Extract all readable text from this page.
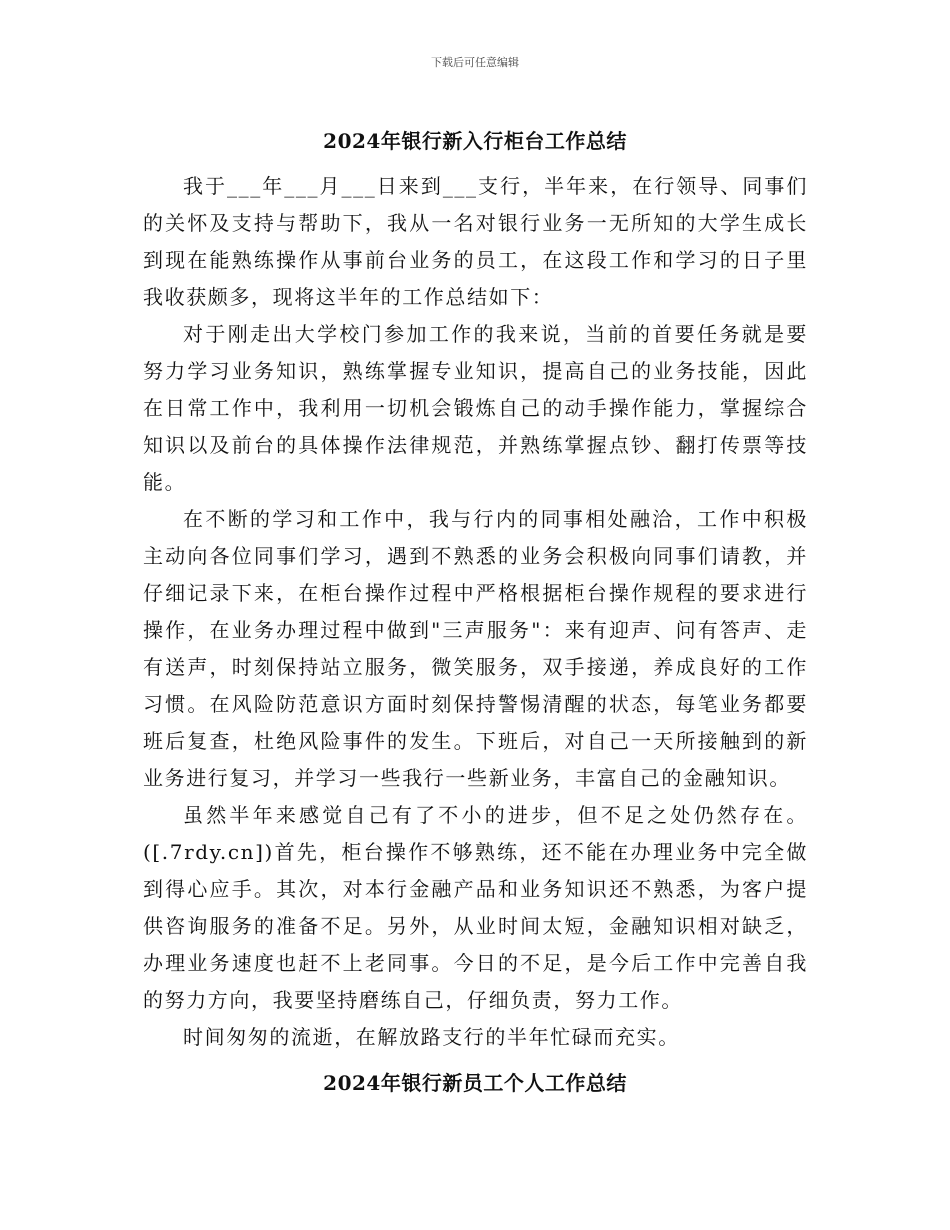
下载后可任意编辑
2024年银行新入行柜台工作总结

我于___年___月___日来到___支行，半年来，在行领导、同事们的关怀及支持与帮助下，我从一名对银行业务一无所知的大学生成长到现在能熟练操作从事前台业务的员工，在这段工作和学习的日子里我收获颇多，现将这半年的工作总结如下：

对于刚走出大学校门参加工作的我来说，当前的首要任务就是要努力学习业务知识，熟练掌握专业知识，提高自己的业务技能，因此在日常工作中，我利用一切机会锻炼自己的动手操作能力，掌握综合知识以及前台的具体操作法律规范，并熟练掌握点钞、翻打传票等技能。

在不断的学习和工作中，我与行内的同事相处融洽，工作中积极主动向各位同事们学习，遇到不熟悉的业务会积极向同事们请教，并仔细记录下来，在柜台操作过程中严格根据柜台操作规程的要求进行操作，在业务办理过程中做到"三声服务"：来有迎声、问有答声、走有送声，时刻保持站立服务，微笑服务，双手接递，养成良好的工作习惯。在风险防范意识方面时刻保持警惕清醒的状态，每笔业务都要班后复查，杜绝风险事件的发生。下班后，对自己一天所接触到的新业务进行复习，并学习一些我行一些新业务，丰富自己的金融知识。

虽然半年来感觉自己有了不小的进步，但不足之处仍然存在。([.7rdy.cn])首先，柜台操作不够熟练，还不能在办理业务中完全做到得心应手。其次，对本行金融产品和业务知识还不熟悉，为客户提供咨询服务的准备不足。另外，从业时间太短，金融知识相对缺乏，办理业务速度也赶不上老同事。今日的不足，是今后工作中完善自我的努力方向，我要坚持磨练自己，仔细负责，努力工作。

时间匆匆的流逝，在解放路支行的半年忙碌而充实。

2024年银行新员工个人工作总结
